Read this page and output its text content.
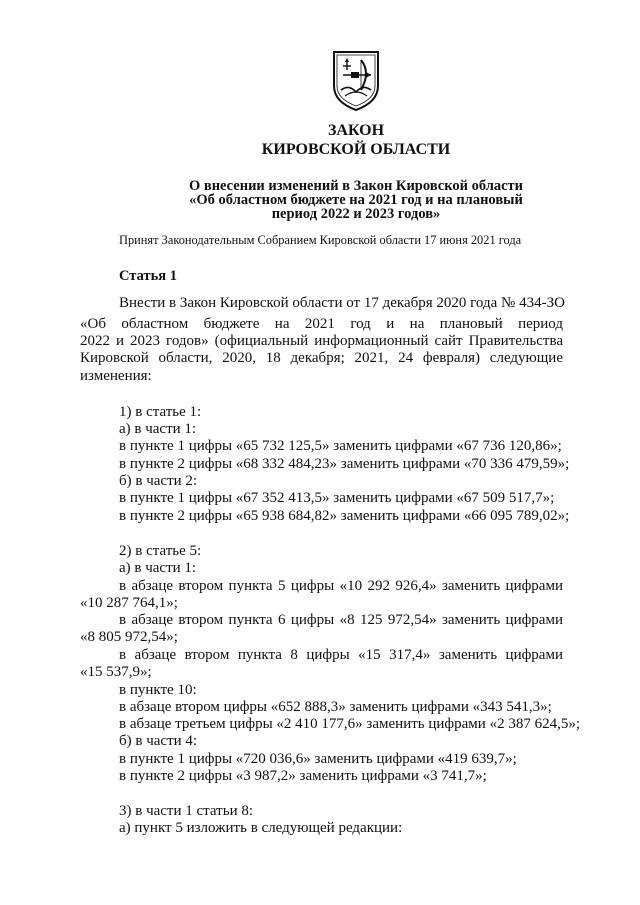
ЗАКОН
КИРОВСКОЙ ОБЛАСТИ
О внесении изменений в Закон Кировской области
«Об областном бюджете на 2021 год и на плановый
период 2022 и 2023 годов»
Принят Законодательным Собранием Кировской области 17 июня 2021 года
Статья 1
Внести в Закон Кировской области от 17 декабря 2020 года № 434-ЗО
«Об областном бюджете на 2021 год и на плановый период
2022 и 2023 годов» (официальный информационный сайт Правительства
Кировской области, 2020, 18 декабря; 2021, 24 февраля) следующие
изменения:
1) в статье 1:
а) в части 1:
в пункте 1 цифры «65 732 125,5» заменить цифрами «67 736 120,86»;
в пункте 2 цифры «68 332 484,23» заменить цифрами «70 336 479,59»;
б) в части 2:
в пункте 1 цифры «67 352 413,5» заменить цифрами «67 509 517,7»;
в пункте 2 цифры «65 938 684,82» заменить цифрами «66 095 789,02»;
2) в статье 5:
а) в части 1:
в абзаце втором пункта 5 цифры «10 292 926,4» заменить цифрами
«10 287 764,1»;
в абзаце втором пункта 6 цифры «8 125 972,54» заменить цифрами
«8 805 972,54»;
в абзаце втором пункта 8 цифры «15 317,4» заменить цифрами
«15 537,9»;
в пункте 10:
в абзаце втором цифры «652 888,3» заменить цифрами «343 541,3»;
в абзаце третьем цифры «2 410 177,6» заменить цифрами «2 387 624,5»;
б) в части 4:
в пункте 1 цифры «720 036,6» заменить цифрами «419 639,7»;
в пункте 2 цифры «3 987,2» заменить цифрами «3 741,7»;
3) в части 1 статьи 8:
а) пункт 5 изложить в следующей редакции:
